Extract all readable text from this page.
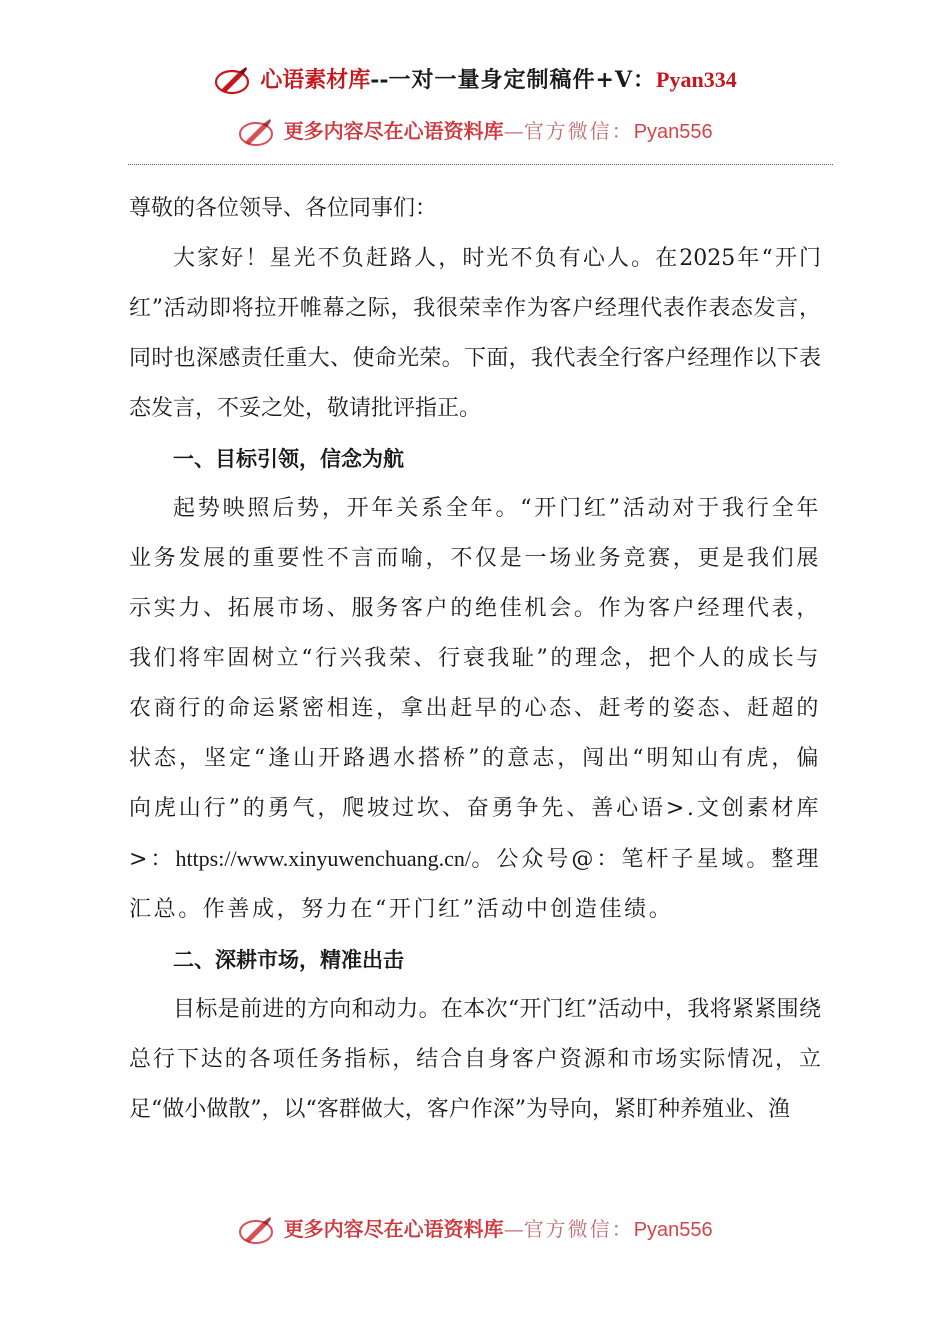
心语素材库--一对一量身定制稿件+V：Pyan334
更多内容尽在心语资料库—官方微信：Pyan556

尊敬的各位领导、各位同事们：

大家好！星光不负赶路人，时光不负有心人。在2025年“开门红”活动即将拉开帷幕之际，我很荣幸作为客户经理代表作表态发言，同时也深感责任重大、使命光荣。下面，我代表全行客户经理作以下表态发言，不妥之处，敬请批评指正。

一、目标引领，信念为航

起势映照后势，开年关系全年。“开门红”活动对于我行全年业务发展的重要性不言而喻，不仅是一场业务竞赛，更是我们展示实力、拓展市场、服务客户的绝佳机会。作为客户经理代表，我们将牢固树立“行兴我荣、行衰我耻”的理念，把个人的成长与农商行的命运紧密相连，拿出赶早的心态、赶考的姿态、赶超的状态，坚定“逢山开路遇水搭桥”的意志，闯出“明知山有虎，偏向虎山行”的勇气，爬坡过坎、奋勇争先、善心语>.文创素材库>：https://www.xinyuwenchuang.cn/。公众号@：笔杆子星域。整理汇总。作善成，努力在“开门红”活动中创造佳绩。

二、深耕市场，精准出击

目标是前进的方向和动力。在本次“开门红”活动中，我将紧紧围绕总行下达的各项任务指标，结合自身客户资源和市场实际情况，立足“做小做散”，以“客群做大，客户作深”为导向，紧盯种养殖业、渔

更多内容尽在心语资料库—官方微信：Pyan556
